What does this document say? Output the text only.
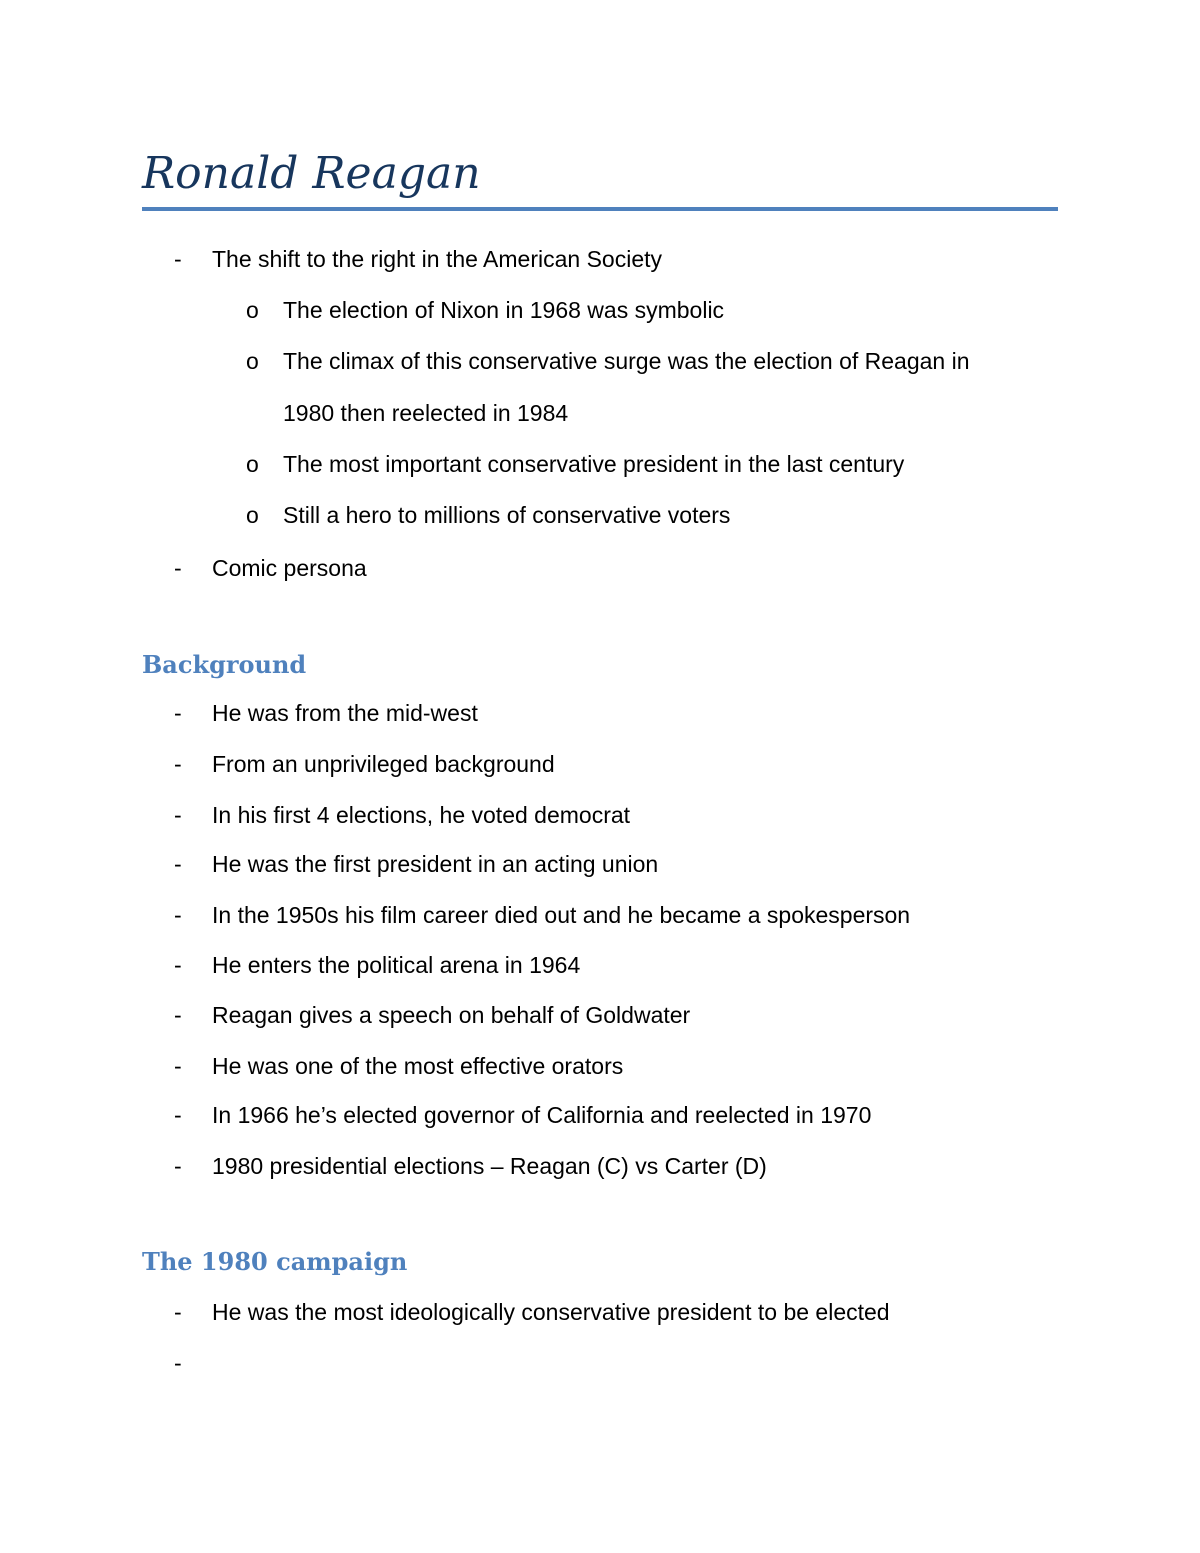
Ronald Reagan
- The shift to the right in the American Society
o The election of Nixon in 1968 was symbolic
o The climax of this conservative surge was the election of Reagan in
1980 then reelected in 1984
o The most important conservative president in the last century
o Still a hero to millions of conservative voters
- Comic persona
Background
- He was from the mid-west
- From an unprivileged background
- In his first 4 elections, he voted democrat
- He was the first president in an acting union
- In the 1950s his film career died out and he became a spokesperson
- He enters the political arena in 1964
- Reagan gives a speech on behalf of Goldwater
- He was one of the most effective orators
- In 1966 he’s elected governor of California and reelected in 1970
- 1980 presidential elections – Reagan (C) vs Carter (D)
The 1980 campaign
- He was the most ideologically conservative president to be elected
-
